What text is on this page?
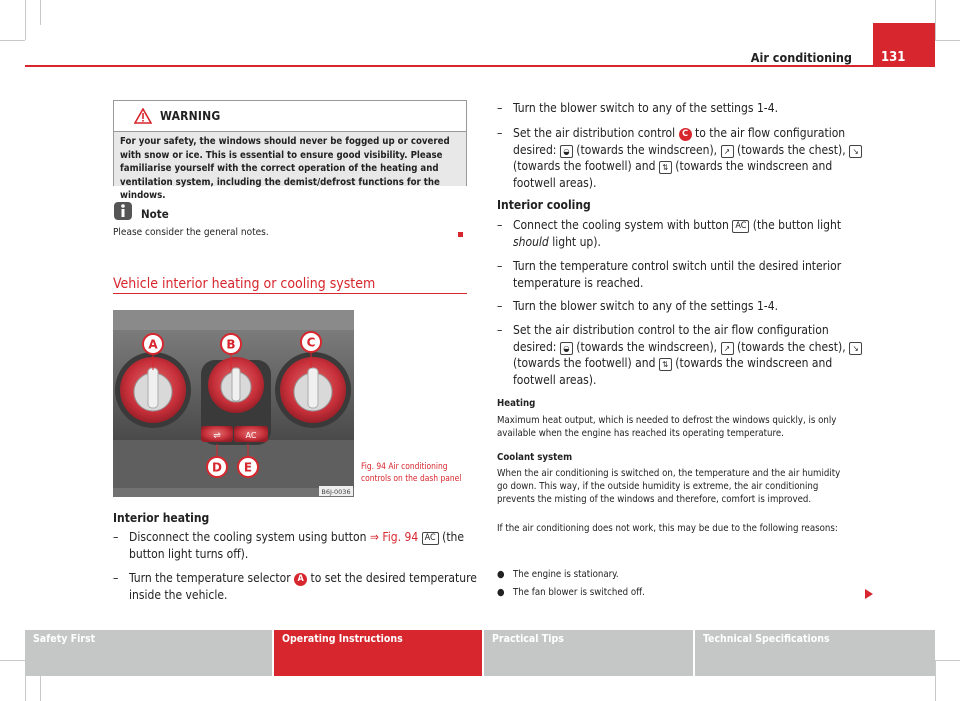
Air conditioning	131
WARNING
For your safety, the windows should never be fogged up or covered with snow or ice. This is essential to ensure good visibility. Please familiarise yourself with the correct operation of the heating and ventilation system, including the demist/defrost functions for the windows.
Note
Please consider the general notes.
Vehicle interior heating or cooling system
⇌	AC
A	B	C
D E
B6J-0036
Fig. 94 Air conditioning controls on the dash panel
Interior heating
– Disconnect the cooling system using button ⇒ Fig. 94 AC (the button light turns off).
– Turn the temperature selector A to set the desired temperature inside the vehicle.
– Turn the blower switch to any of the settings 1-4.
– Set the air distribution control C to the air flow configuration desired: ◒ (towards the windscreen), ↗ (towards the chest), ↘ (towards the footwell) and ⇅ (towards the windscreen and footwell areas).
Interior cooling
– Connect the cooling system with button AC (the button light should light up).
– Turn the temperature control switch until the desired interior temperature is reached.
– Turn the blower switch to any of the settings 1-4.
– Set the air distribution control to the air flow configuration desired: ◒ (towards the windscreen), ↗ (towards the chest), ↘ (towards the footwell) and ⇅ (towards the windscreen and footwell areas).
Heating
Maximum heat output, which is needed to defrost the windows quickly, is only available when the engine has reached its operating temperature.
Coolant system
When the air conditioning is switched on, the temperature and the air humidity go down. This way, if the outside humidity is extreme, the air conditioning prevents the misting of the windows and therefore, comfort is improved.
If the air conditioning does not work, this may be due to the following reasons:
● The engine is stationary.
● The fan blower is switched off.
Safety First	Operating Instructions	Practical Tips	Technical Specifications
